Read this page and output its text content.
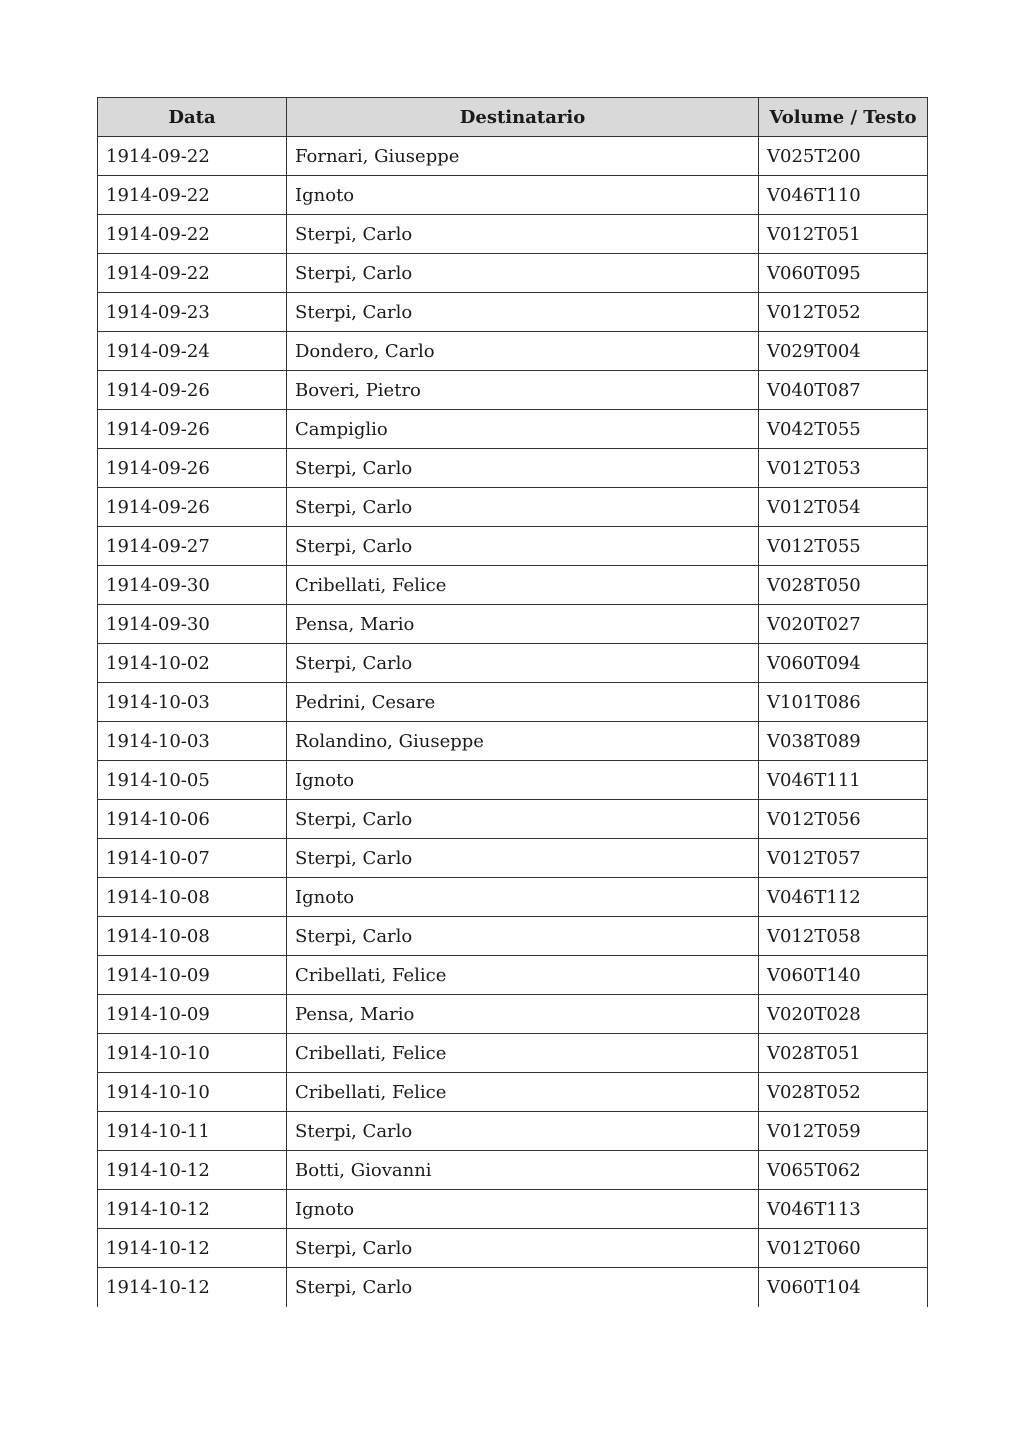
Data	Destinatario	Volume / Testo
1914-09-22	Fornari, Giuseppe	V025T200
1914-09-22	Ignoto	V046T110
1914-09-22	Sterpi, Carlo	V012T051
1914-09-22	Sterpi, Carlo	V060T095
1914-09-23	Sterpi, Carlo	V012T052
1914-09-24	Dondero, Carlo	V029T004
1914-09-26	Boveri, Pietro	V040T087
1914-09-26	Campiglio	V042T055
1914-09-26	Sterpi, Carlo	V012T053
1914-09-26	Sterpi, Carlo	V012T054
1914-09-27	Sterpi, Carlo	V012T055
1914-09-30	Cribellati, Felice	V028T050
1914-09-30	Pensa, Mario	V020T027
1914-10-02	Sterpi, Carlo	V060T094
1914-10-03	Pedrini, Cesare	V101T086
1914-10-03	Rolandino, Giuseppe	V038T089
1914-10-05	Ignoto	V046T111
1914-10-06	Sterpi, Carlo	V012T056
1914-10-07	Sterpi, Carlo	V012T057
1914-10-08	Ignoto	V046T112
1914-10-08	Sterpi, Carlo	V012T058
1914-10-09	Cribellati, Felice	V060T140
1914-10-09	Pensa, Mario	V020T028
1914-10-10	Cribellati, Felice	V028T051
1914-10-10	Cribellati, Felice	V028T052
1914-10-11	Sterpi, Carlo	V012T059
1914-10-12	Botti, Giovanni	V065T062
1914-10-12	Ignoto	V046T113
1914-10-12	Sterpi, Carlo	V012T060
1914-10-12	Sterpi, Carlo	V060T104
